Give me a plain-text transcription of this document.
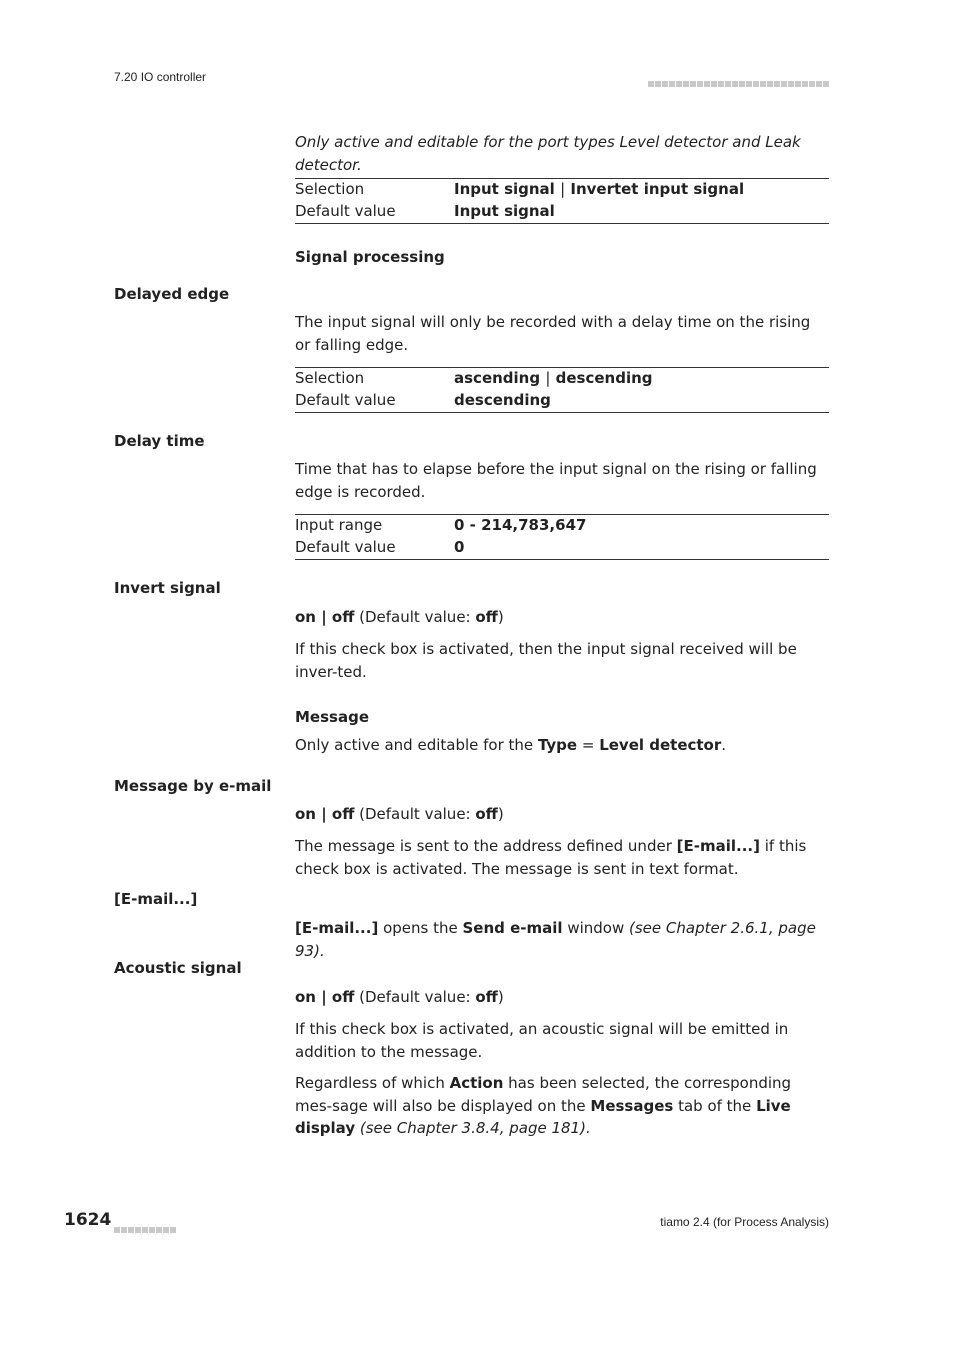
7.20 IO controller

Only active and editable for the port types Level detector and Leak detector.

Selection	Input signal | Invertet input signal
Default value	Input signal
Signal processing
Delayed edge

The input signal will only be recorded with a delay time on the rising or falling edge.

Selection	ascending | descending
Default value	descending
Delay time

Time that has to elapse before the input signal on the rising or falling edge is recorded.

Input range	0 - 214,783,647
Default value	0
Invert signal

on | off (Default value: off)

If this check box is activated, then the input signal received will be inver-ted.

Message

Only active and editable for the Type = Level detector.

Message by e-mail

on | off (Default value: off)

The message is sent to the address defined under [E-mail...] if this check box is activated. The message is sent in text format.

[E-mail...]

[E-mail...] opens the Send e-mail window (see Chapter 2.6.1, page 93).

Acoustic signal

on | off (Default value: off)

If this check box is activated, an acoustic signal will be emitted in addition to the message.

Regardless of which Action has been selected, the corresponding mes-sage will also be displayed on the Messages tab of the Live display (see Chapter 3.8.4, page 181).

1624	tiamo 2.4 (for Process Analysis)
